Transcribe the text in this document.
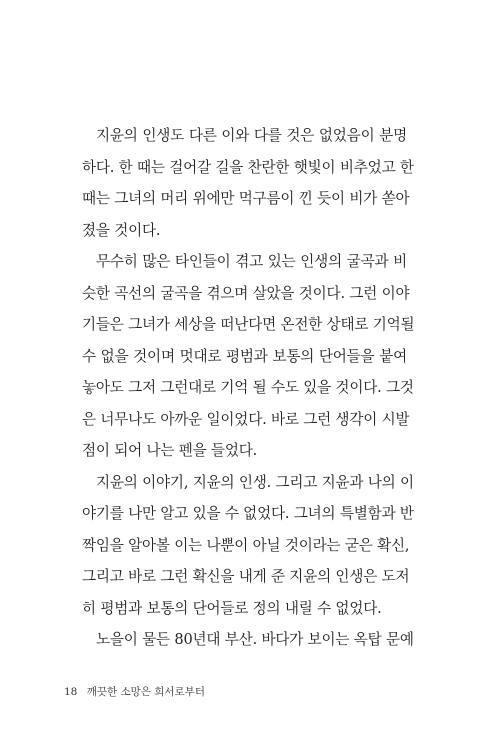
지윤의 인생도 다른 이와 다를 것은 없었음이 분명
하다. 한 때는 걸어갈 길을 찬란한 햇빛이 비추었고 한
때는 그녀의 머리 위에만 먹구름이 낀 듯이 비가 쏟아
졌을 것이다.
무수히 많은 타인들이 겪고 있는 인생의 굴곡과 비
슷한 곡선의 굴곡을 겪으며 살았을 것이다. 그런 이야
기들은 그녀가 세상을 떠난다면 온전한 상태로 기억될
수 없을 것이며 멋대로 평범과 보통의 단어들을 붙여
놓아도 그저 그런대로 기억 될 수도 있을 것이다. 그것
은 너무나도 아까운 일이었다. 바로 그런 생각이 시발
점이 되어 나는 펜을 들었다.
지윤의 이야기, 지윤의 인생. 그리고 지윤과 나의 이
야기를 나만 알고 있을 수 없었다. 그녀의 특별함과 반
짝임을 알아볼 이는 나뿐이 아닐 것이라는 굳은 확신,
그리고 바로 그런 확신을 내게 준 지윤의 인생은 도저
히 평범과 보통의 단어들로 정의 내릴 수 없었다.
노을이 물든 80년대 부산. 바다가 보이는 옥탑 문예
18 깨끗한 소망은 희서로부터
